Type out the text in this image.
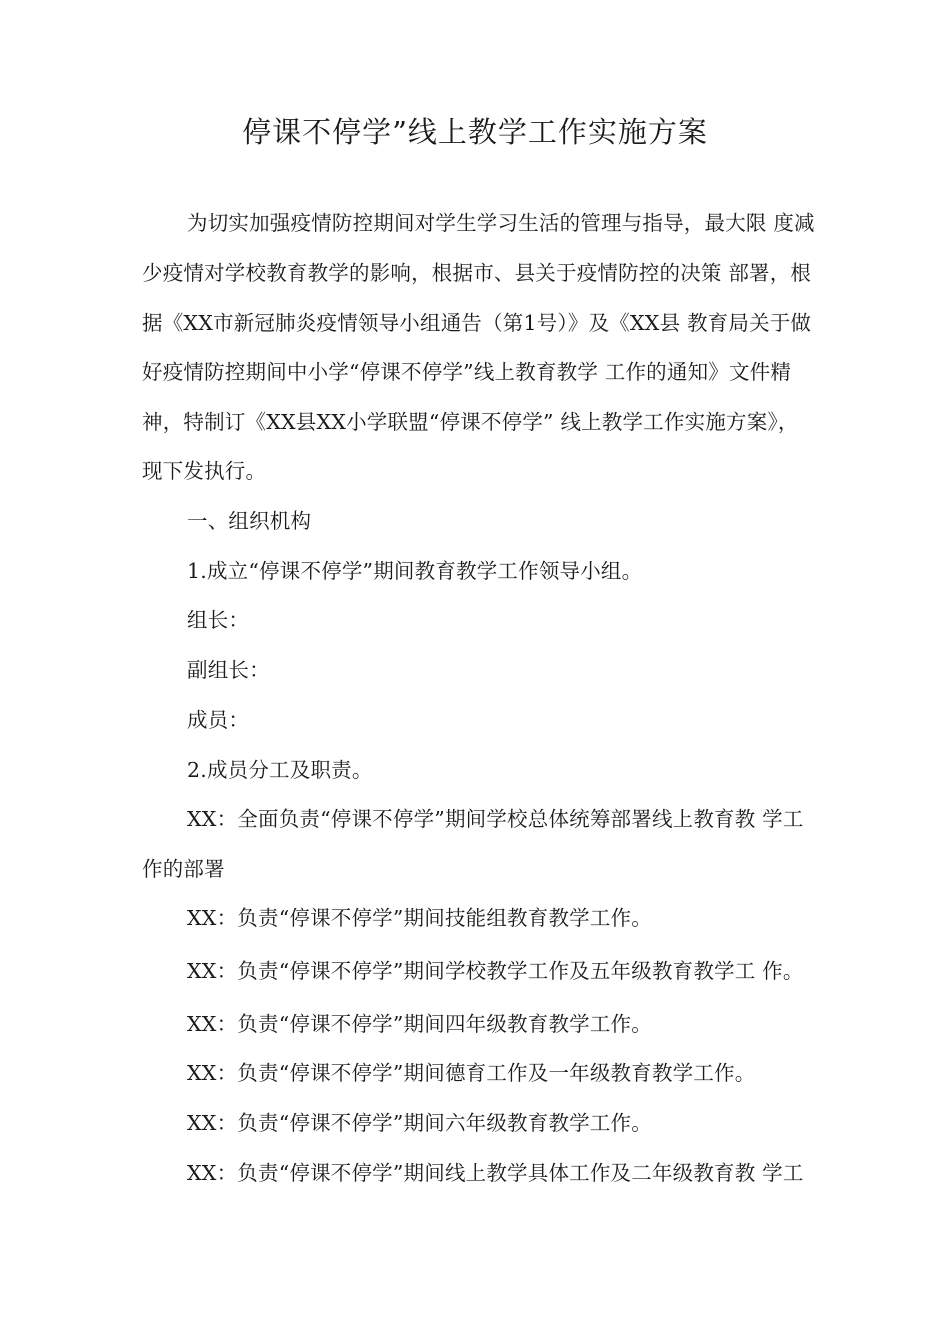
停课不停学”线上教学工作实施方案
为切实加强疫情防控期间对学生学习生活的管理与指导，最大限 度减
少疫情对学校教育教学的影响，根据市、县关于疫情防控的决策 部署，根
据《XX市新冠肺炎疫情领导小组通告（第1号）》及《XX县 教育局关于做
好疫情防控期间中小学“停课不停学”线上教育教学 工作的通知》文件精
神，特制订《XX县XX小学联盟“停课不停学” 线上教学工作实施方案》，
现下发执行。
一、组织机构
1.成立“停课不停学”期间教育教学工作领导小组。
组长：
副组长：
成员：
2.成员分工及职责。
XX：全面负责“停课不停学”期间学校总体统筹部署线上教育教 学工
作的部署
XX：负责“停课不停学”期间技能组教育教学工作。
XX：负责“停课不停学”期间学校教学工作及五年级教育教学工 作。
XX：负责“停课不停学”期间四年级教育教学工作。
XX：负责“停课不停学”期间德育工作及一年级教育教学工作。
XX：负责“停课不停学”期间六年级教育教学工作。
XX：负责“停课不停学”期间线上教学具体工作及二年级教育教 学工
